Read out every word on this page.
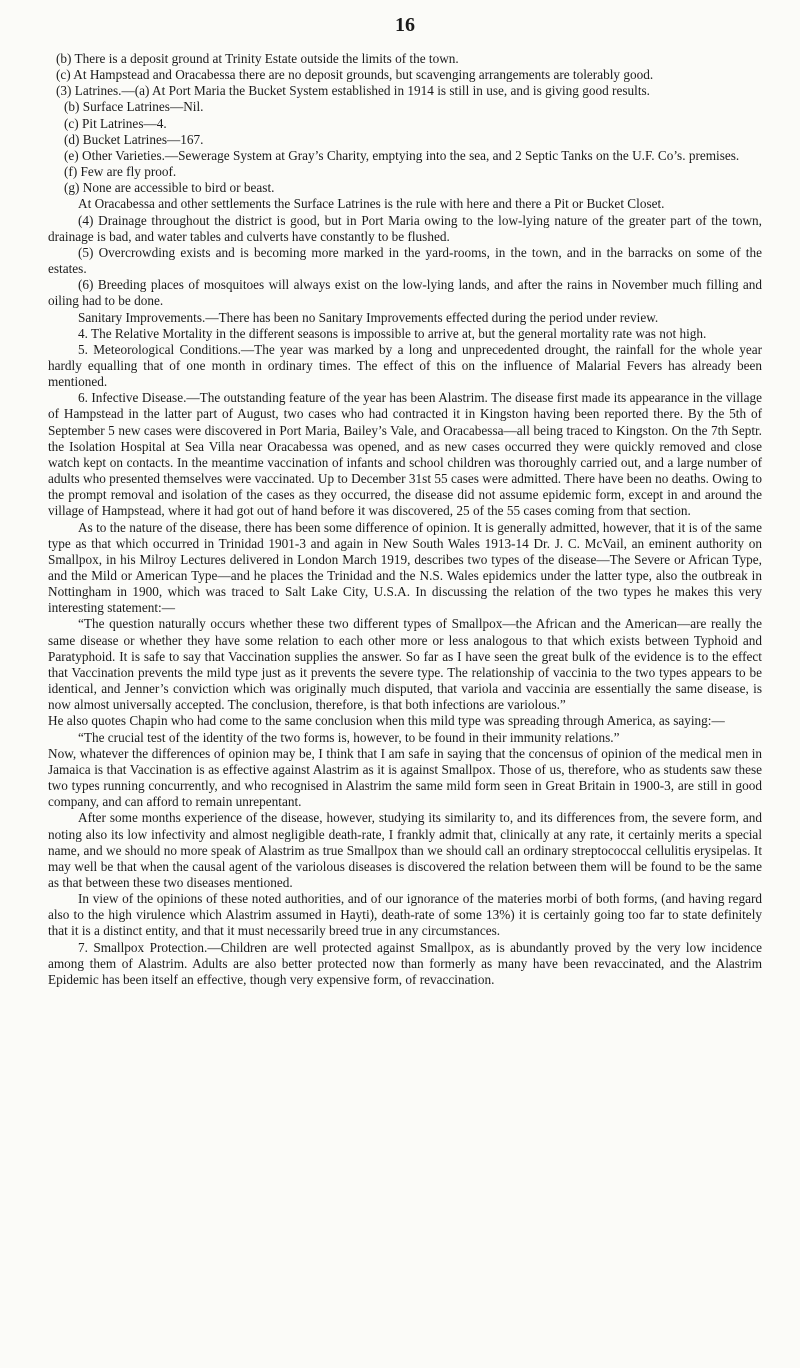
16

(b) There is a deposit ground at Trinity Estate outside the limits of the town.

(c) At Hampstead and Oracabessa there are no deposit grounds, but scavenging arrangements are tolerably good.

(3) Latrines.—(a) At Port Maria the Bucket System established in 1914 is still in use, and is giving good results.

(b) Surface Latrines—Nil.

(c) Pit Latrines—4.

(d) Bucket Latrines—167.

(e) Other Varieties.—Sewerage System at Gray’s Charity, emptying into the sea, and 2 Septic Tanks on the U.F. Co’s. premises.

(f) Few are fly proof.

(g) None are accessible to bird or beast.

At Oracabessa and other settlements the Surface Latrines is the rule with here and there a Pit or Bucket Closet.

(4) Drainage throughout the district is good, but in Port Maria owing to the low-lying nature of the greater part of the town, drainage is bad, and water tables and culverts have constantly to be flushed.

(5) Overcrowding exists and is becoming more marked in the yard-rooms, in the town, and in the barracks on some of the estates.

(6) Breeding places of mosquitoes will always exist on the low-lying lands, and after the rains in November much filling and oiling had to be done.

Sanitary Improvements.—There has been no Sanitary Improvements effected during the period under review.

4. The Relative Mortality in the different seasons is impossible to arrive at, but the general mortality rate was not high.

5. Meteorological Conditions.—The year was marked by a long and unprecedented drought, the rainfall for the whole year hardly equalling that of one month in ordinary times. The effect of this on the influence of Malarial Fevers has already been mentioned.

6. Infective Disease.—The outstanding feature of the year has been Alastrim. The disease first made its appearance in the village of Hampstead in the latter part of August, two cases who had contracted it in Kingston having been reported there. By the 5th of September 5 new cases were discovered in Port Maria, Bailey’s Vale, and Oracabessa—all being traced to Kingston. On the 7th Septr. the Isolation Hospital at Sea Villa near Oracabessa was opened, and as new cases occurred they were quickly removed and close watch kept on contacts. In the meantime vaccination of infants and school children was thoroughly carried out, and a large number of adults who presented themselves were vaccinated. Up to December 31st 55 cases were admitted. There have been no deaths. Owing to the prompt removal and isolation of the cases as they occurred, the disease did not assume epidemic form, except in and around the village of Hampstead, where it had got out of hand before it was discovered, 25 of the 55 cases coming from that section.

As to the nature of the disease, there has been some difference of opinion. It is generally admitted, however, that it is of the same type as that which occurred in Trinidad 1901-3 and again in New South Wales 1913-14 Dr. J. C. McVail, an eminent authority on Smallpox, in his Milroy Lectures delivered in London March 1919, describes two types of the disease—The Severe or African Type, and the Mild or American Type—and he places the Trinidad and the N.S. Wales epidemics under the latter type, also the outbreak in Nottingham in 1900, which was traced to Salt Lake City, U.S.A. In discussing the relation of the two types he makes this very interesting statement:—

“The question naturally occurs whether these two different types of Smallpox—the African and the American—are really the same disease or whether they have some relation to each other more or less analogous to that which exists between Typhoid and Paratyphoid. It is safe to say that Vaccination supplies the answer. So far as I have seen the great bulk of the evidence is to the effect that Vaccination prevents the mild type just as it prevents the severe type. The relationship of vaccinia to the two types appears to be identical, and Jenner’s conviction which was originally much disputed, that variola and vaccinia are essentially the same disease, is now almost universally accepted. The conclusion, therefore, is that both infections are variolous.”

He also quotes Chapin who had come to the same conclusion when this mild type was spreading through America, as saying:—

“The crucial test of the identity of the two forms is, however, to be found in their immunity relations.”

Now, whatever the differences of opinion may be, I think that I am safe in saying that the concensus of opinion of the medical men in Jamaica is that Vaccination is as effective against Alastrim as it is against Smallpox. Those of us, therefore, who as students saw these two types running concurrently, and who recognised in Alastrim the same mild form seen in Great Britain in 1900-3, are still in good company, and can afford to remain unrepentant.

After some months experience of the disease, however, studying its similarity to, and its differences from, the severe form, and noting also its low infectivity and almost negligible death-rate, I frankly admit that, clinically at any rate, it certainly merits a special name, and we should no more speak of Alastrim as true Smallpox than we should call an ordinary streptococcal cellulitis erysipelas. It may well be that when the causal agent of the variolous diseases is discovered the relation between them will be found to be the same as that between these two diseases mentioned.

In view of the opinions of these noted authorities, and of our ignorance of the materies morbi of both forms, (and having regard also to the high virulence which Alastrim assumed in Hayti), death-rate of some 13%) it is certainly going too far to state definitely that it is a distinct entity, and that it must necessarily breed true in any circumstances.

7. Smallpox Protection.—Children are well protected against Smallpox, as is abundantly proved by the very low incidence among them of Alastrim. Adults are also better protected now than formerly as many have been revaccinated, and the Alastrim Epidemic has been itself an effective, though very expensive form, of revaccination.
